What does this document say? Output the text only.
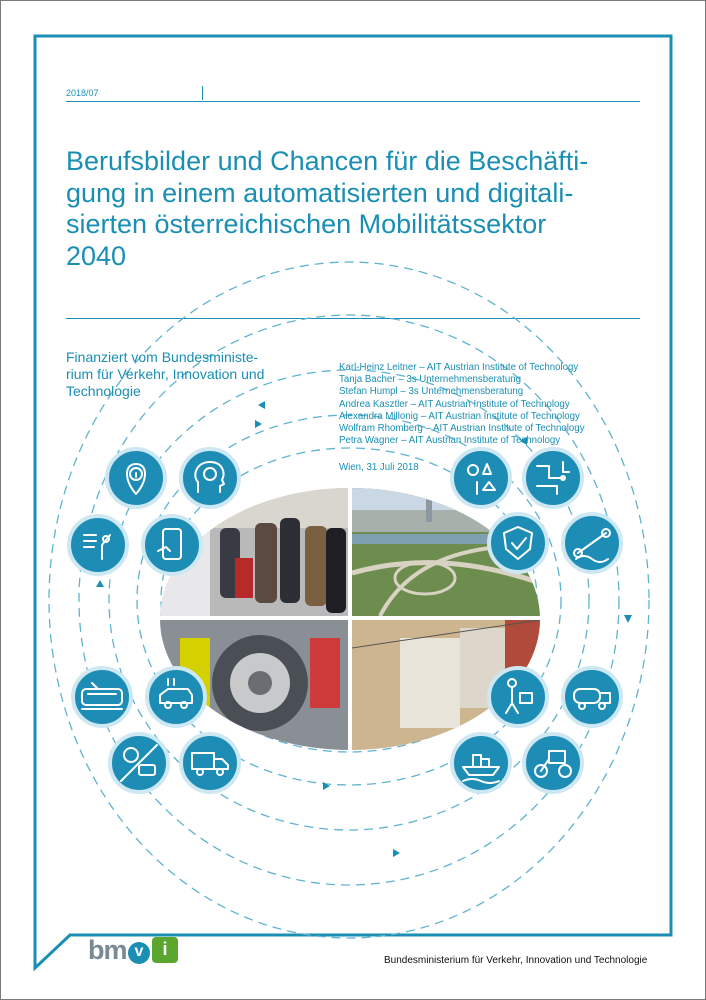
2018/07
Berufsbilder und Chancen für die Beschäfti-
gung in einem automatisierten und digitali-
sierten österreichischen Mobilitätssektor
2040
Finanziert vom Bundesministe-
rium für Verkehr, Innovation und
Technologie
Karl-Heinz Leitner – AIT Austrian Institute of Technology
Tanja Bacher – 3s Unternehmensberatung
Stefan Humpl – 3s Unternehmensberatung
Andrea Kasztler – AIT Austrian Institute of Technology
Alexandra Millonig – AIT Austrian Institute of Technology
Wolfram Rhomberg – AIT Austrian Institute of Technology
Petra Wagner – AIT Austrian Institute of Technology
Wien, 31 Juli 2018
bm v	i
Bundesministerium für Verkehr, Innovation und Technologie
